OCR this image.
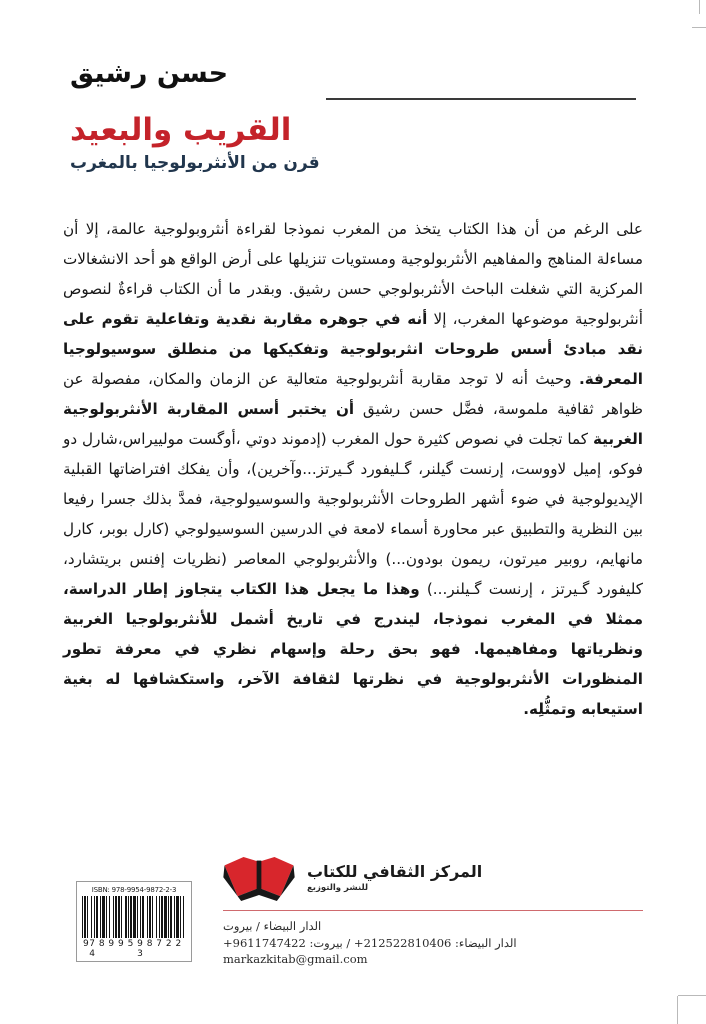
حسن رشيق
القريب والبعيد
قرن من الأنثربولوجيا بالمغرب

على الرغم من أن هذا الكتاب يتخذ من المغرب نموذجا لقراءة أنثروبولوجية عالمة، إلا أن مساءلة المناهج والمفاهيم الأنثربولوجية ومستويات تنزيلها على أرض الواقع هو أحد الانشغالات المركزية التي شغلت الباحث الأنثربولوجي حسن رشيق. وبقدر ما أن الكتاب قراءةٌ لنصوص أنثربولوجية موضوعها المغرب، إلا أنه في جوهره مقاربة نقدية وتفاعلية تقوم على نقد مبادئ أسس طروحات انثربولوجية وتفكيكها من منطلق سوسيولوجيا المعرفة. وحيث أنه لا توجد مقاربة أنثربولوجية متعالية عن الزمان والمكان، مفصولة عن ظواهر ثقافية ملموسة، فضَّل حسن رشيق أن يختبر أسس المقاربة الأنثربولوجية الغربية كما تجلت في نصوص كثيرة حول المغرب (إدموند دوتي ،أوگست موليیراس،شارل دو فوكو، إميل لاووست، إرنست گيلنر، گـليفورد گـيرتز...وآخرين)، وأن يفكك افتراضاتها القبلية الإيديولوجية في ضوء أشهر الطروحات الأنثربولوجية والسوسيولوجية، فمدَّ بذلك جسرا رفيعا بين النظرية والتطبيق عبر محاورة أسماء لامعة في الدرسين السوسيولوجي (كارل بوبر، كارل مانهايم، روبير ميرتون، ريمون بودون...) والأنثربولوجي المعاصر (نظريات إفنس بريتشارد، كليفورد گـيرتز ، إرنست گـيلنر...) وهذا ما يجعل هذا الكتاب يتجاوز إطار الدراسة، ممثلا في المغرب نموذجا، ليندرج في تاريخ أشمل للأنثربولوجيا الغربية ونظرياتها ومفاهيمها. فهو بحق رحلة وإسهام نظري في معرفة تطور المنظورات الأنثربولوجية في نظرتها لثقافة الآخر، واستكشافها له بغية استيعابه وتمثُّلِه.

ISBN: 978-9954-9872-2-3
9 7 8 9 9 5 4
9 8 7 2 2 3
المركز الثقافي للكتاب
للنشر والتوزيع
الدار البيضاء / بيروت
الدار البيضاء: 212522810406+ / بيروت: 9611747422+
markazkitab@gmail.com
